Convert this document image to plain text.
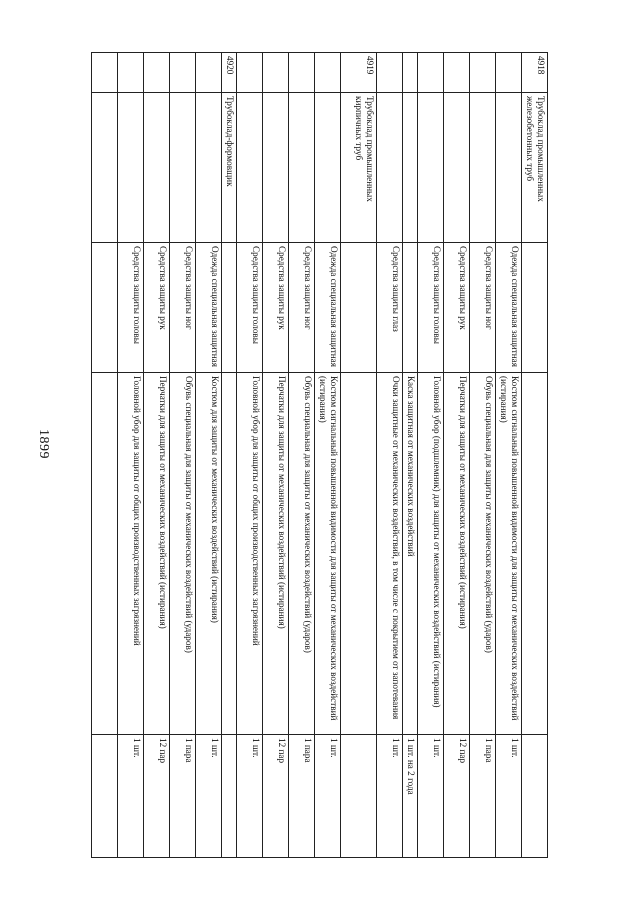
1899
4918	Трубоклад промышленных железобетонных труб			
		Одежда специальная защитная	Костюм сигнальный повышенной видимости для защиты от механических воздействий (истирания)	1 шт.
		Средства защиты ног	Обувь специальная для защиты от механических воздействий (ударов)	1 пара
		Средства защиты рук	Перчатки для защиты от механических воздействий (истирания)	12 пар
		Средства защиты головы	Головной убор (подшлемник) для защиты от механических воздействий (истирания)	1 шт.
			Каска защитная от механических воздействий	1 шт. на 2 года
		Средства защиты глаз	Очки защитные от механических воздействий, в том числе с покрытием от запотевания	1 шт.
4919	Трубоклад промышленных кирпичных труб			
		Одежда специальная защитная	Костюм сигнальный повышенной видимости для защиты от механических воздействий (истирания)	1 шт.
		Средства защиты ног	Обувь специальная для защиты от механических воздействий (ударов)	1 пара
		Средства защиты рук	Перчатки для защиты от механических воздействий (истирания)	12 пар
		Средства защиты головы	Головной убор для защиты от общих производственных загрязнений	1 шт.
4920	Трубоклад-формовщик			
		Одежда специальная защитная	Костюм для защиты от механических воздействий (истирания)	1 шт.
		Средства защиты ног	Обувь специальная для защиты от механических воздействий (ударов)	1 пара
		Средства защиты рук	Перчатки для защиты от механических воздействий (истирания)	12 пар
		Средства защиты головы	Головной убор для защиты от общих производственных загрязнений	1 шт.
